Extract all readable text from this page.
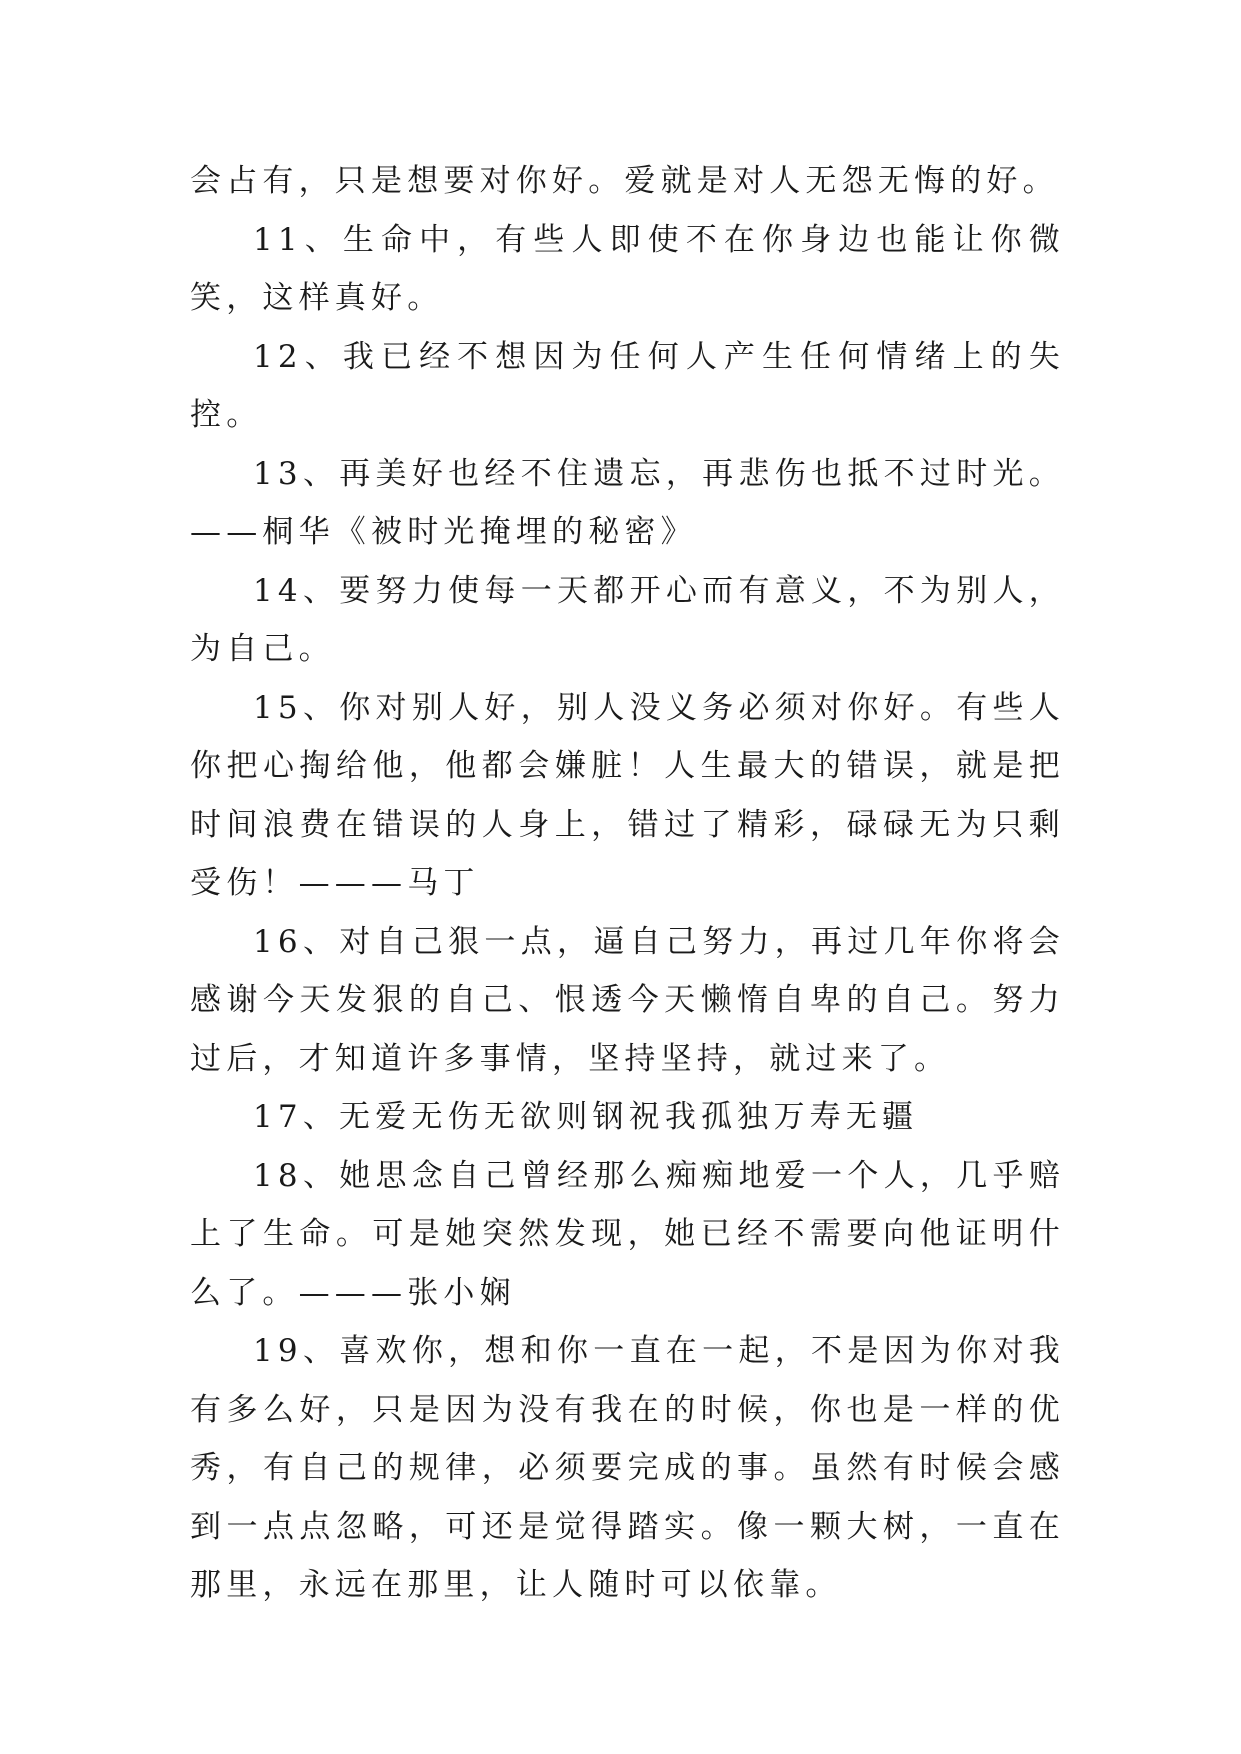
会占有，只是想要对你好。爱就是对人无怨无悔的好。

11、生命中，有些人即使不在你身边也能让你微笑，这样真好。

12、我已经不想因为任何人产生任何情绪上的失控。

13、再美好也经不住遗忘，再悲伤也抵不过时光。——桐华《被时光掩埋的秘密》

14、要努力使每一天都开心而有意义，不为别人，为自己。

15、你对别人好，别人没义务必须对你好。有些人你把心掏给他，他都会嫌脏！人生最大的错误，就是把时间浪费在错误的人身上，错过了精彩，碌碌无为只剩受伤！———马丁

16、对自己狠一点，逼自己努力，再过几年你将会感谢今天发狠的自己、恨透今天懒惰自卑的自己。努力过后，才知道许多事情，坚持坚持，就过来了。

17、无爱无伤无欲则钢祝我孤独万寿无疆

18、她思念自己曾经那么痴痴地爱一个人，几乎赔上了生命。可是她突然发现，她已经不需要向他证明什么了。———张小娴

19、喜欢你，想和你一直在一起，不是因为你对我有多么好，只是因为没有我在的时候，你也是一样的优秀，有自己的规律，必须要完成的事。虽然有时候会感到一点点忽略，可还是觉得踏实。像一颗大树，一直在那里，永远在那里，让人随时可以依靠。
